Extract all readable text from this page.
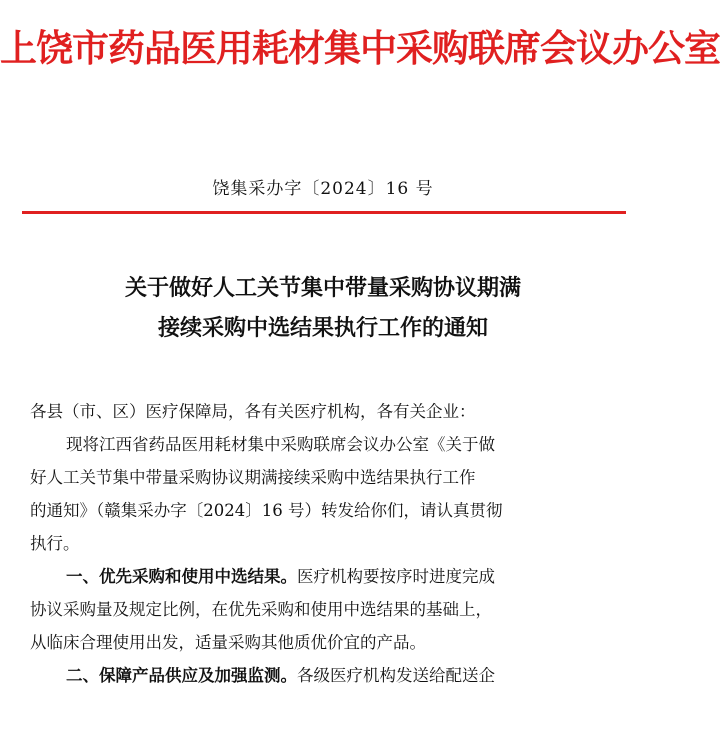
上饶市药品医用耗材集中采购联席会议办公室
饶集采办字〔2024〕16 号
关于做好人工关节集中带量采购协议期满
接续采购中选结果执行工作的通知
各县（市、区）医疗保障局，各有关医疗机构，各有关企业：
现将江西省药品医用耗材集中采购联席会议办公室《关于做
好人工关节集中带量采购协议期满接续采购中选结果执行工作
的通知》（赣集采办字〔2024〕16 号）转发给你们，请认真贯彻
执行。
一、优先采购和使用中选结果。医疗机构要按序时进度完成
协议采购量及规定比例，在优先采购和使用中选结果的基础上，
从临床合理使用出发，适量采购其他质优价宜的产品。
二、保障产品供应及加强监测。各级医疗机构发送给配送企
